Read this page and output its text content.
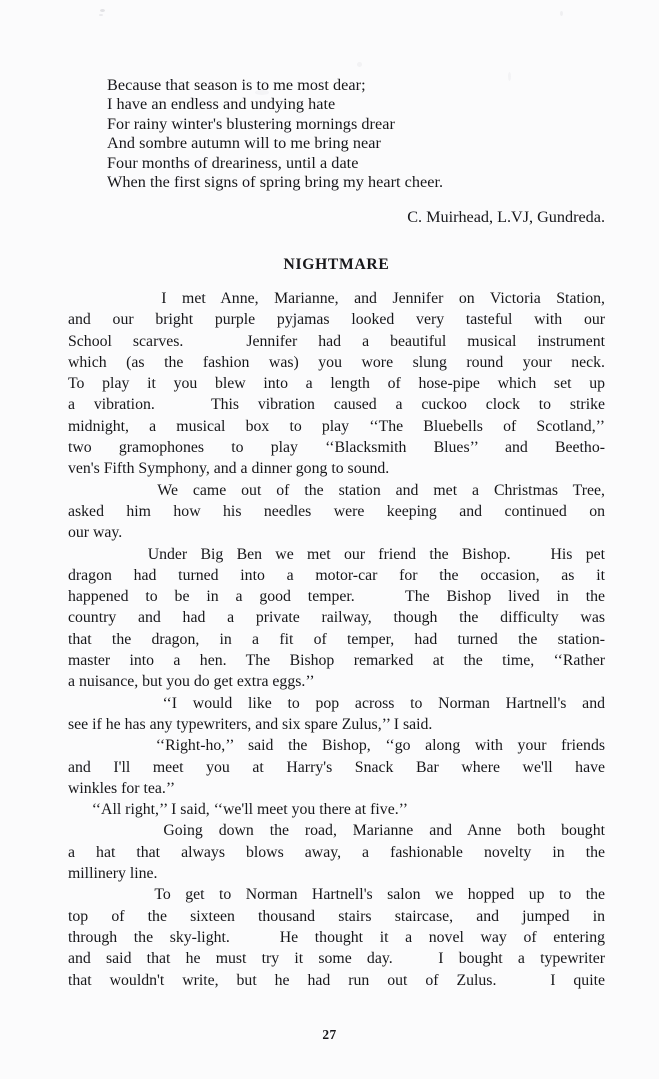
Because that season is to me most dear;
I have an endless and undying hate
For rainy winter's blustering mornings drear
And sombre autumn will to me bring near
Four months of dreariness, until a date
When the first signs of spring bring my heart cheer.
C. Muirhead, L.VJ, Gundreda.
NIGHTMARE

I met Anne, Marianne, and Jennifer on Victoria Station,
and our bright purple pyjamas looked very tasteful with our
School scarves.   Jennifer had a beautiful musical instrument
which (as the fashion was) you wore slung round your neck.
To play it you blew into a length of hose-pipe which set up
a vibration.   This vibration caused a cuckoo clock to strike
midnight, a musical box to play ‘‘The Bluebells of Scotland,’’
two gramophones to play ‘‘Blacksmith Blues’’ and Beetho-
ven's Fifth Symphony, and a dinner gong to sound.

We came out of the station and met a Christmas Tree,
asked him how his needles were keeping and continued on
our way.

Under Big Ben we met our friend the Bishop.   His pet
dragon had turned into a motor-car for the occasion, as it
happened to be in a good temper.   The Bishop lived in the
country and had a private railway, though the difficulty was
that the dragon, in a fit of temper, had turned the station-
master into a hen. The Bishop remarked at the time, ‘‘Rather
a nuisance, but you do get extra eggs.’’

‘‘I would like to pop across to Norman Hartnell's and
see if he has any typewriters, and six spare Zulus,’’ I said.

‘‘Right-ho,’’ said the Bishop, ‘‘go along with your friends
and I'll meet you at Harry's Snack Bar where we'll have
winkles for tea.’’

‘‘All right,’’ I said, ‘‘we'll meet you there at five.’’

Going down the road, Marianne and Anne both bought
a hat that always blows away, a fashionable novelty in the
millinery line.

To get to Norman Hartnell's salon we hopped up to the
top of the sixteen thousand stairs staircase, and jumped in
through the sky-light.   He thought it a novel way of entering
and said that he must try it some day.   I bought a typewriter
that wouldn't write, but he had run out of Zulus.   I quite

27
